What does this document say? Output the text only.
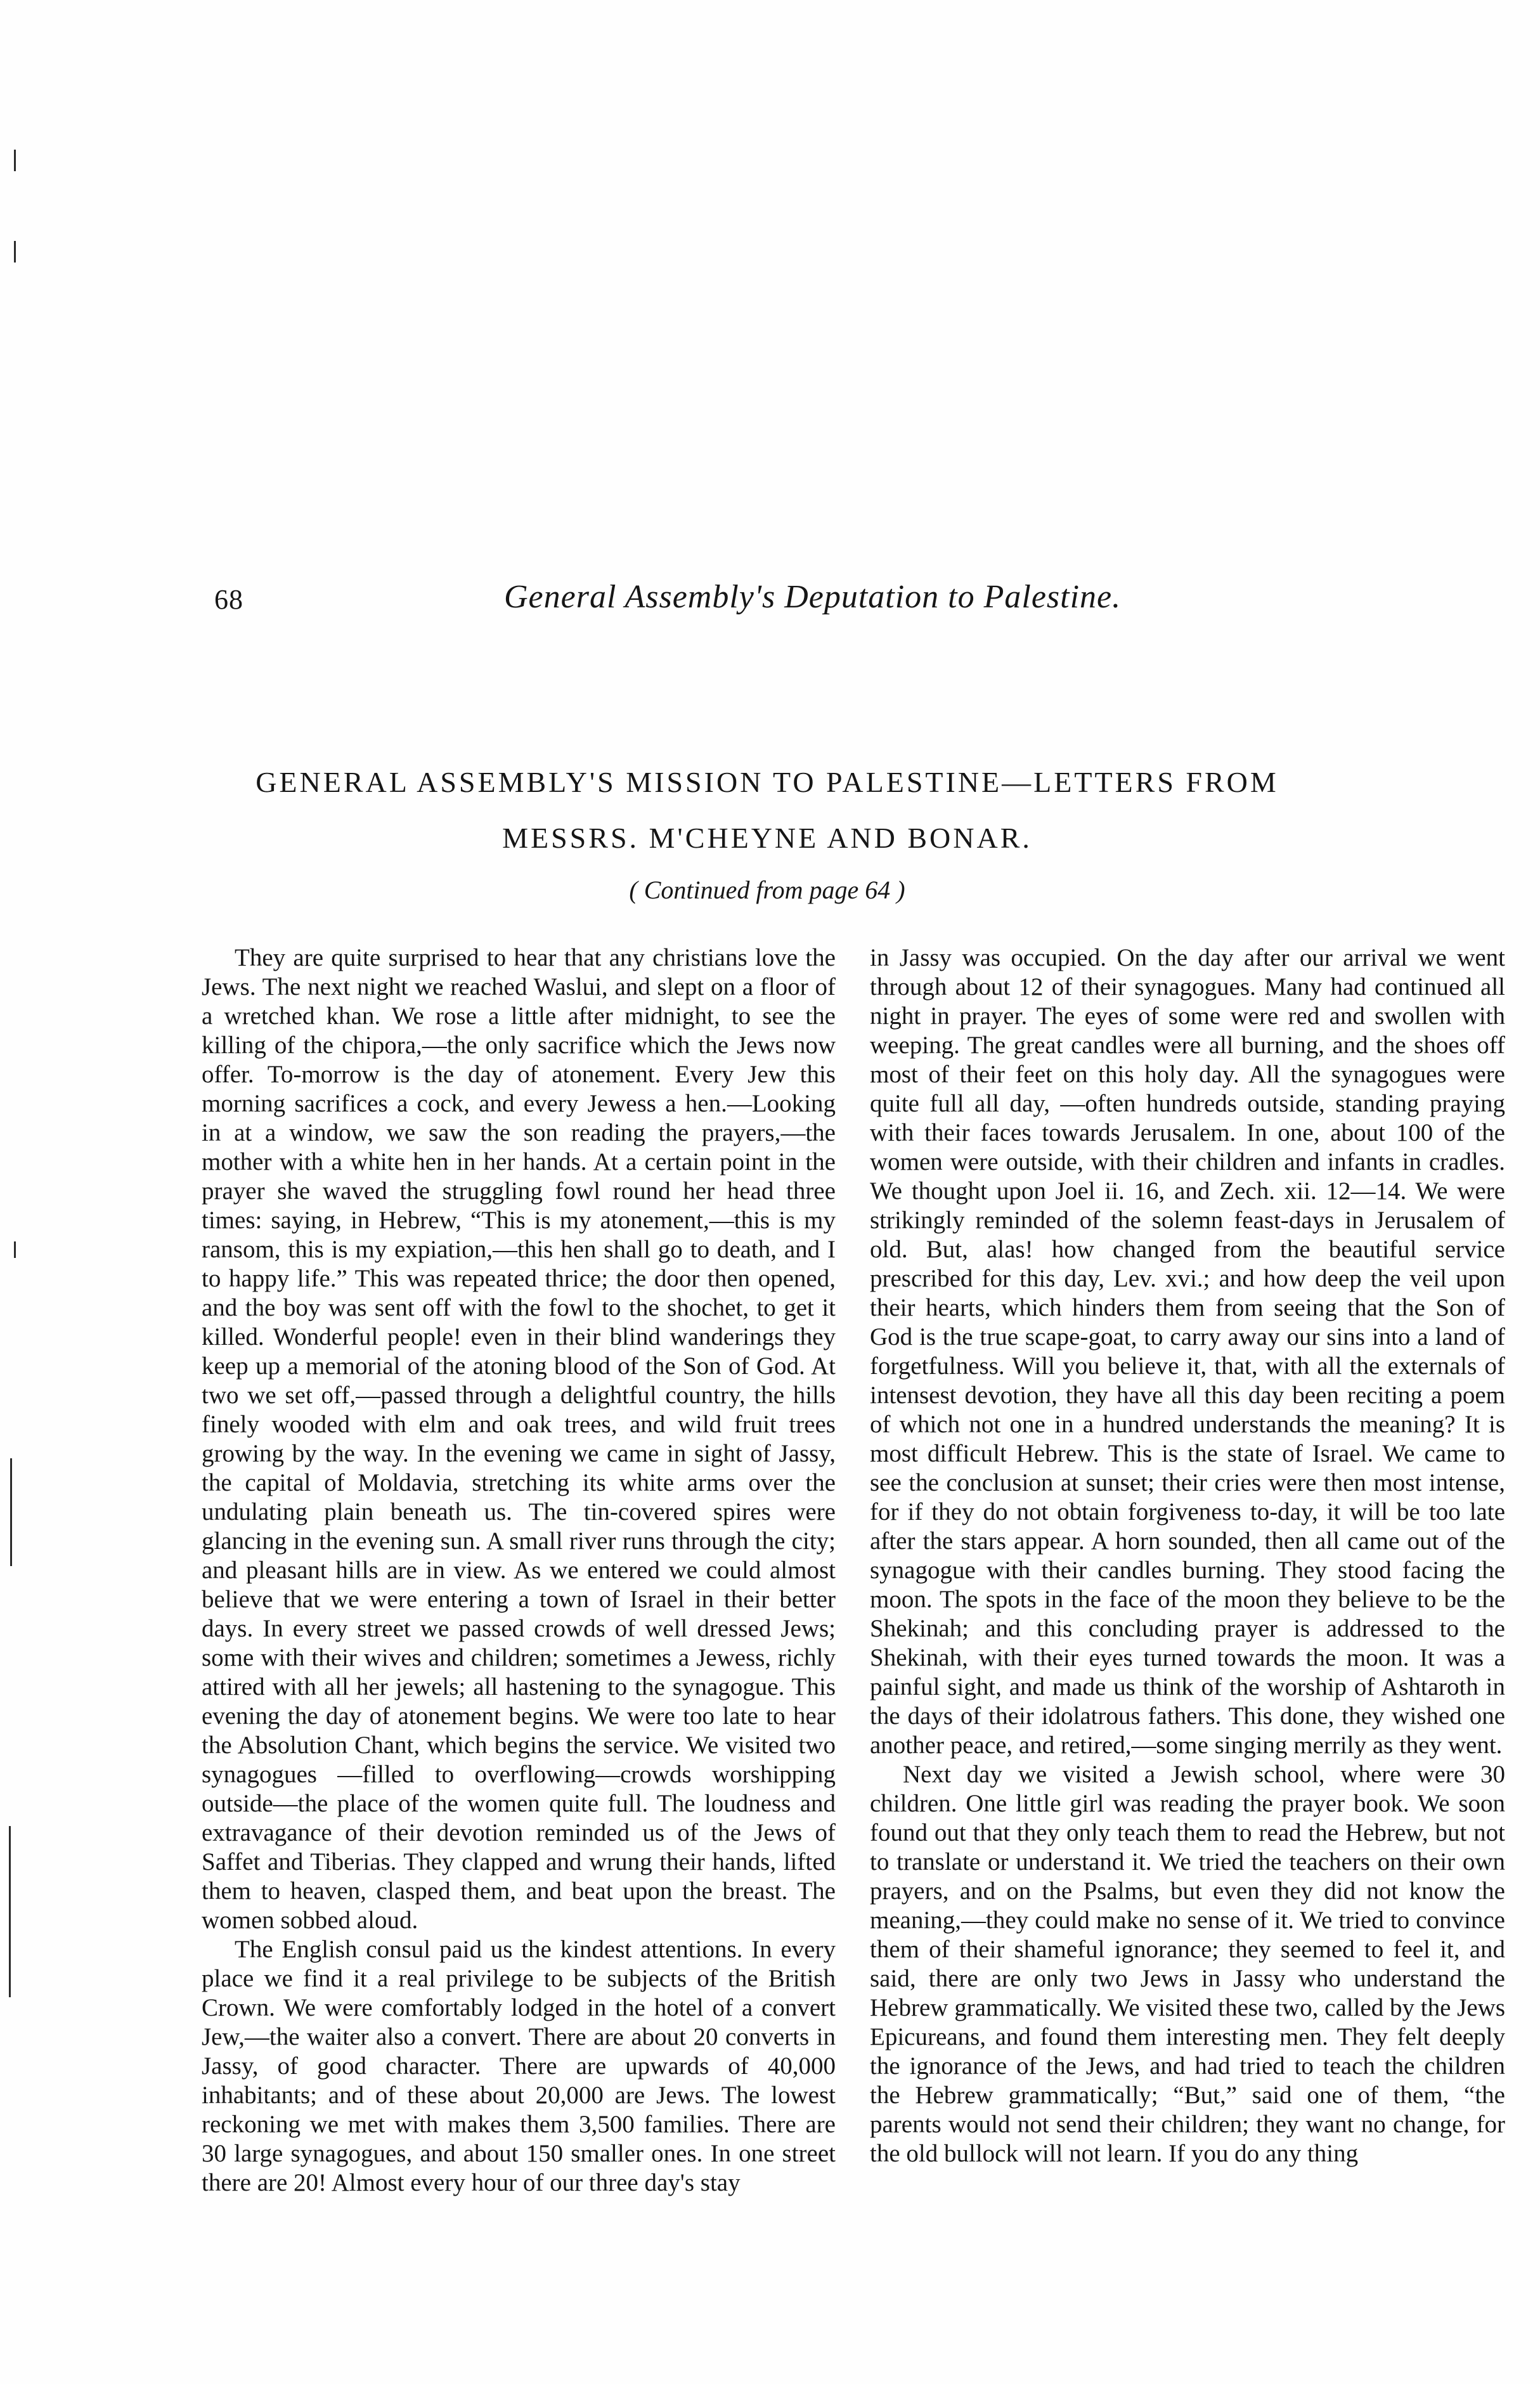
68	General Assembly's Deputation to Palestine.
GENERAL ASSEMBLY'S MISSION TO PALESTINE—LETTERS FROM
MESSRS. M'CHEYNE AND BONAR.
( Continued from page 64 )

They are quite surprised to hear that any christians love the Jews. The next night we reached Waslui, and slept on a floor of a wretched khan. We rose a little after midnight, to see the killing of the chipora,—the only sacrifice which the Jews now offer. To-morrow is the day of atonement. Every Jew this morning sacrifices a cock, and every Jewess a hen.—Looking in at a window, we saw the son reading the prayers,—the mother with a white hen in her hands. At a certain point in the prayer she waved the struggling fowl round her head three times: saying, in Hebrew, “This is my atonement,—this is my ransom, this is my expiation,—this hen shall go to death, and I to happy life.” This was repeated thrice; the door then opened, and the boy was sent off with the fowl to the shochet, to get it killed. Wonderful people! even in their blind wanderings they keep up a memorial of the atoning blood of the Son of God. At two we set off,—passed through a delightful country, the hills finely wooded with elm and oak trees, and wild fruit trees growing by the way. In the evening we came in sight of Jassy, the capital of Moldavia, stretching its white arms over the undulating plain beneath us. The tin-covered spires were glancing in the evening sun. A small river runs through the city; and pleasant hills are in view. As we entered we could almost believe that we were entering a town of Israel in their better days. In every street we passed crowds of well dressed Jews; some with their wives and children; sometimes a Jewess, richly attired with all her jewels; all hastening to the synagogue. This evening the day of atonement begins. We were too late to hear the Absolution Chant, which begins the service. We visited two synagogues —filled to overflowing—crowds worshipping outside—the place of the women quite full. The loudness and extravagance of their devotion reminded us of the Jews of Saffet and Tiberias. They clapped and wrung their hands, lifted them to heaven, clasped them, and beat upon the breast. The women sobbed aloud.

The English consul paid us the kindest attentions. In every place we find it a real privilege to be subjects of the British Crown. We were comfortably lodged in the hotel of a convert Jew,—the waiter also a convert. There are about 20 converts in Jassy, of good character. There are upwards of 40,000 inhabitants; and of these about 20,000 are Jews. The lowest reckoning we met with makes them 3,500 families. There are 30 large synagogues, and about 150 smaller ones. In one street there are 20! Almost every hour of our three day's stay

in Jassy was occupied. On the day after our arrival we went through about 12 of their synagogues. Many had continued all night in prayer. The eyes of some were red and swollen with weeping. The great candles were all burning, and the shoes off most of their feet on this holy day. All the synagogues were quite full all day, —often hundreds outside, standing praying with their faces towards Jerusalem. In one, about 100 of the women were outside, with their children and infants in cradles. We thought upon Joel ii. 16, and Zech. xii. 12—14. We were strikingly reminded of the solemn feast-days in Jerusalem of old. But, alas! how changed from the beautiful service prescribed for this day, Lev. xvi.; and how deep the veil upon their hearts, which hinders them from seeing that the Son of God is the true scape-goat, to carry away our sins into a land of forgetfulness. Will you believe it, that, with all the externals of intensest devotion, they have all this day been reciting a poem of which not one in a hundred understands the meaning? It is most difficult Hebrew. This is the state of Israel. We came to see the conclusion at sunset; their cries were then most intense, for if they do not obtain forgiveness to-day, it will be too late after the stars appear. A horn sounded, then all came out of the synagogue with their candles burning. They stood facing the moon. The spots in the face of the moon they believe to be the Shekinah; and this concluding prayer is addressed to the Shekinah, with their eyes turned towards the moon. It was a painful sight, and made us think of the worship of Ashtaroth in the days of their idolatrous fathers. This done, they wished one another peace, and retired,—some singing merrily as they went.

Next day we visited a Jewish school, where were 30 children. One little girl was reading the prayer book. We soon found out that they only teach them to read the Hebrew, but not to translate or understand it. We tried the teachers on their own prayers, and on the Psalms, but even they did not know the meaning,—they could make no sense of it. We tried to convince them of their shameful ignorance; they seemed to feel it, and said, there are only two Jews in Jassy who understand the Hebrew grammatically. We visited these two, called by the Jews Epicureans, and found them interesting men. They felt deeply the ignorance of the Jews, and had tried to teach the children the Hebrew grammatically; “But,” said one of them, “the parents would not send their children; they want no change, for the old bullock will not learn. If you do any thing
